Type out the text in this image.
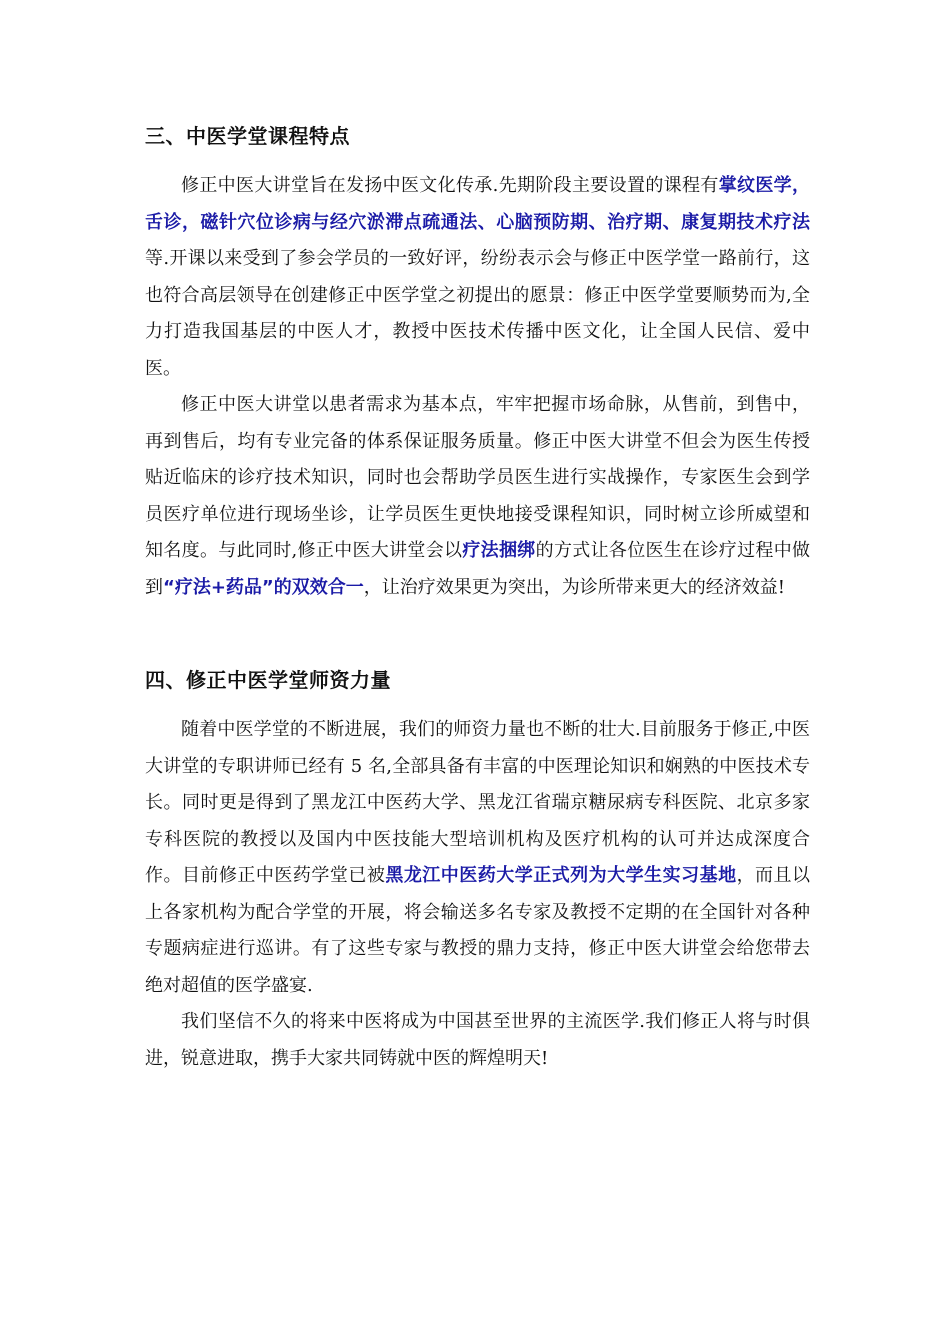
三、中医学堂课程特点

修正中医大讲堂旨在发扬中医文化传承.先期阶段主要设置的课程有掌纹医学，舌诊，磁针穴位诊病与经穴淤滞点疏通法、心脑预防期、治疗期、康复期技术疗法等.开课以来受到了参会学员的一致好评，纷纷表示会与修正中医学堂一路前行，这也符合高层领导在创建修正中医学堂之初提出的愿景：修正中医学堂要顺势而为,全力打造我国基层的中医人才，教授中医技术传播中医文化，让全国人民信、爱中医。

修正中医大讲堂以患者需求为基本点，牢牢把握市场命脉，从售前，到售中，再到售后，均有专业完备的体系保证服务质量。修正中医大讲堂不但会为医生传授贴近临床的诊疗技术知识，同时也会帮助学员医生进行实战操作，专家医生会到学员医疗单位进行现场坐诊，让学员医生更快地接受课程知识，同时树立诊所威望和知名度。与此同时,修正中医大讲堂会以疗法捆绑的方式让各位医生在诊疗过程中做到“疗法+药品”的双效合一，让治疗效果更为突出，为诊所带来更大的经济效益!

四、修正中医学堂师资力量

随着中医学堂的不断进展，我们的师资力量也不断的壮大.目前服务于修正,中医大讲堂的专职讲师已经有 5 名,全部具备有丰富的中医理论知识和娴熟的中医技术专长。同时更是得到了黑龙江中医药大学、黑龙江省瑞京糖尿病专科医院、北京多家专科医院的教授以及国内中医技能大型培训机构及医疗机构的认可并达成深度合作。目前修正中医药学堂已被黑龙江中医药大学正式列为大学生实习基地，而且以上各家机构为配合学堂的开展，将会输送多名专家及教授不定期的在全国针对各种专题病症进行巡讲。有了这些专家与教授的鼎力支持，修正中医大讲堂会给您带去绝对超值的医学盛宴.

我们坚信不久的将来中医将成为中国甚至世界的主流医学.我们修正人将与时俱进，锐意进取，携手大家共同铸就中医的辉煌明天!
